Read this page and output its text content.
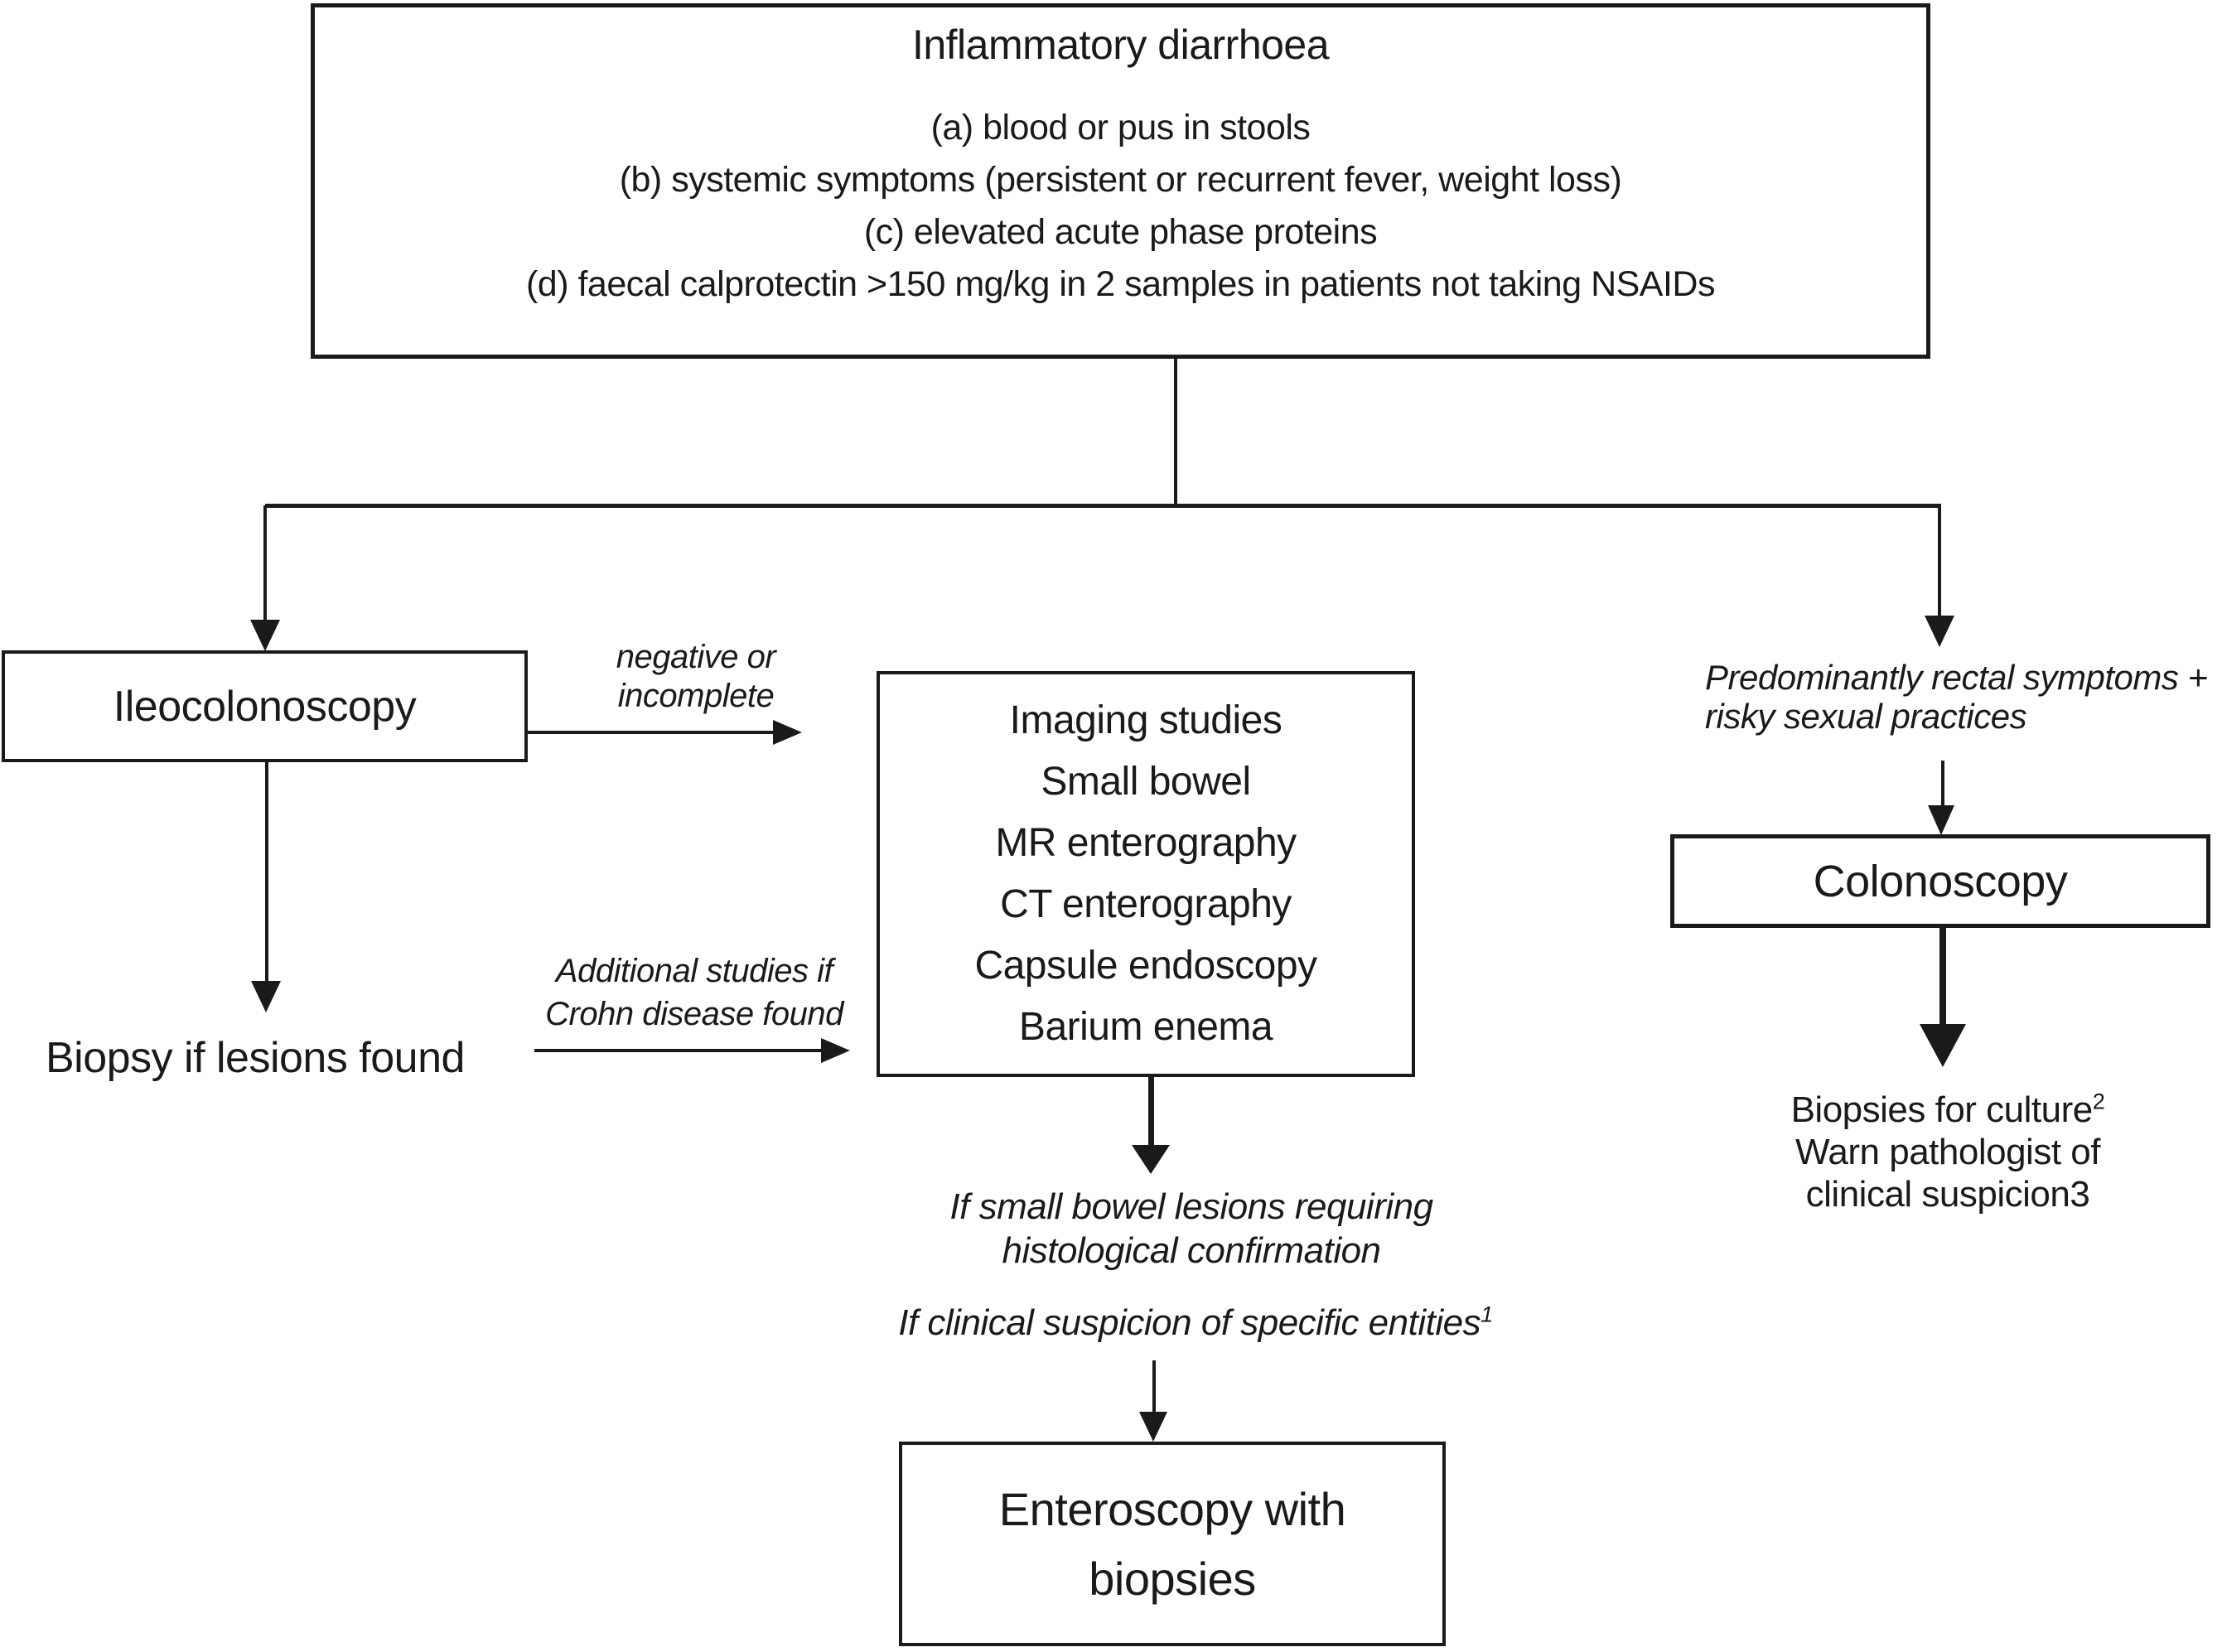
Inflammatory diarrhoea
(a) blood or pus in stools
(b) systemic symptoms (persistent or recurrent fever, weight loss)
(c) elevated acute phase proteins
(d) faecal calprotectin >150 mg/kg in 2 samples in patients not taking NSAIDs
Ileocolonoscopy
negative or
incomplete
Biopsy if lesions found
Additional studies if
Crohn disease found
Imaging studies
Small bowel
MR enterography
CT enterography
Capsule endoscopy
Barium enema
If small bowel lesions requiring
histological confirmation
If clinical suspicion of specific entities$^1$
Enteroscopy with
biopsies
Predominantly rectal symptoms +
risky sexual practices
Colonoscopy
Biopsies for culture$^2$
Warn pathologist of
clinical suspicion3
